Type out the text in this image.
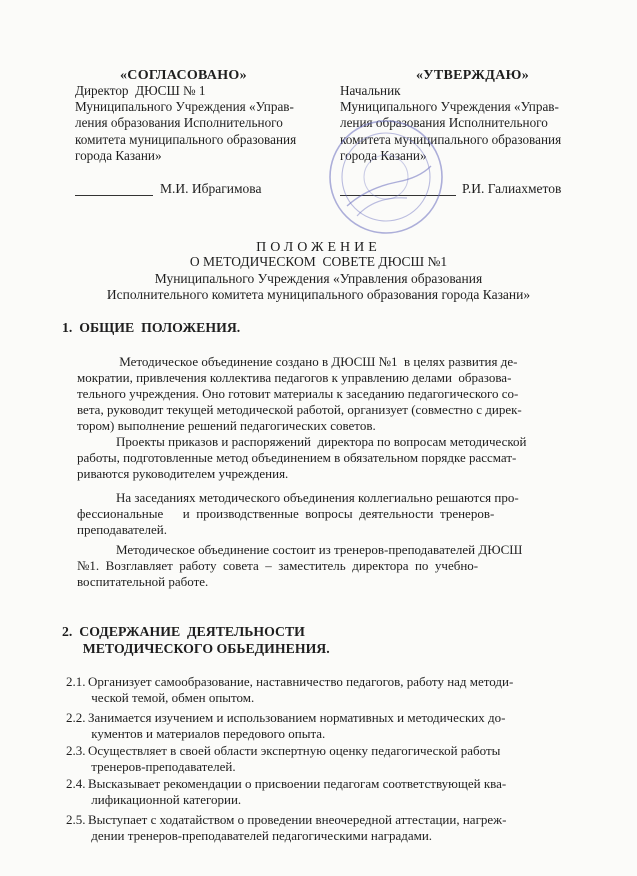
«СОГЛАСОВАНО»
Директор  ДЮСШ № 1
Муниципального Учреждения «Управ-
ления образования Исполнительного
комитета муниципального образования
города Казани»
М.И. Ибрагимова
«УТВЕРЖДАЮ»
Начальник
Муниципального Учреждения «Управ-
ления образования Исполнительного
комитета муниципального образования
города Казани»
Р.И. Галиахметов
ПОЛОЖЕНИЕ
О МЕТОДИЧЕСКОМ  СОВЕТЕ ДЮСШ №1
Муниципального Учреждения «Управления образования
Исполнительного комитета муниципального образования города Казани»
1.  ОБЩИЕ  ПОЛОЖЕНИЯ.
Методическое объединение создано в ДЮСШ №1  в целях развития де-
мократии, привлечения коллектива педагогов к управлению делами  образова-
тельного учреждения. Оно готовит материалы к заседанию педагогического со-
вета, руководит текущей методической работой, организует (совместно с дирек-
тором) выполнение решений педагогических советов.
Проекты приказов и распоряжений  директора по вопросам методической
работы, подготовленные метод объединением в обязательном порядке рассмат-
риваются руководителем учреждения.
На заседаниях методического объединения коллегиально решаются про-
фессиональные      и  производственные  вопросы  деятельности  тренеров-
преподавателей.
Методическое объединение состоит из тренеров-преподавателей ДЮСШ
№1.  Возглавляет  работу  совета  –  заместитель  директора  по  учебно-
воспитательной работе.
2.  СОДЕРЖАНИЕ  ДЕЯТЕЛЬНОСТИ
МЕТОДИЧЕСКОГО ОБЬЕДИНЕНИЯ.
2.1. Организует самообразование, наставничество педагогов, работу над методи-
ческой темой, обмен опытом.
2.2. Занимается изучением и использованием нормативных и методических до-
кументов и материалов передового опыта.
2.3. Осуществляет в своей области экспертную оценку педагогической работы
тренеров-преподавателей.
2.4. Высказывает рекомендации о присвоении педагогам соответствующей ква-
лификационной категории.
2.5. Выступает с ходатайством о проведении внеочередной аттестации, нагреж-
дении тренеров-преподавателей педагогическими наградами.
